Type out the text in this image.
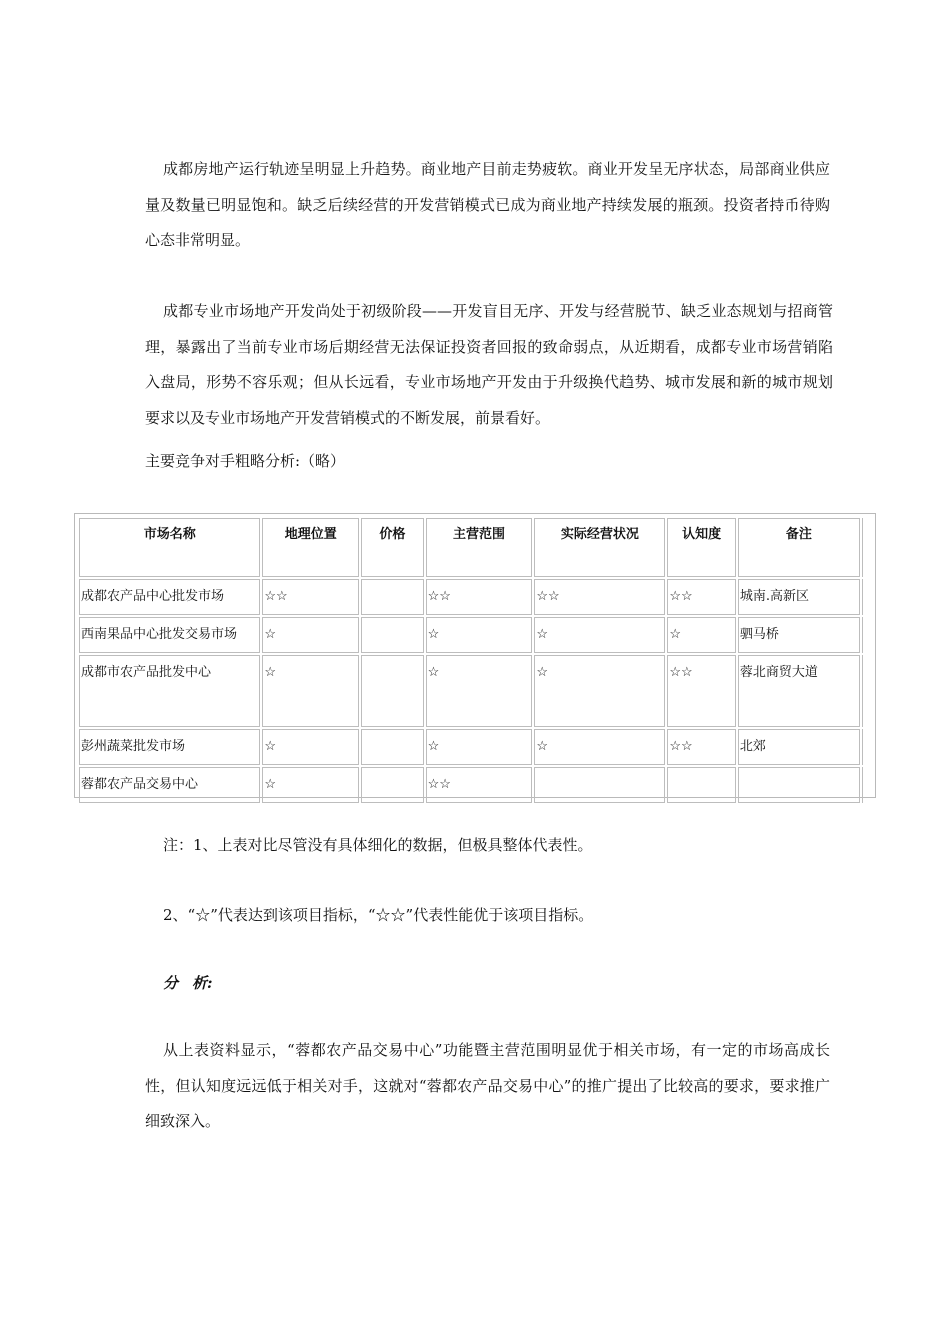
成都房地产运行轨迹呈明显上升趋势。商业地产目前走势疲软。商业开发呈无序状态，局部商业供应量及数量已明显饱和。缺乏后续经营的开发营销模式已成为商业地产持续发展的瓶颈。投资者持币待购心态非常明显。

成都专业市场地产开发尚处于初级阶段——开发盲目无序、开发与经营脱节、缺乏业态规划与招商管理，暴露出了当前专业市场后期经营无法保证投资者回报的致命弱点，从近期看，成都专业市场营销陷入盘局，形势不容乐观；但从长远看，专业市场地产开发由于升级换代趋势、城市发展和新的城市规划要求以及专业市场地产开发营销模式的不断发展，前景看好。

主要竞争对手粗略分析:（略）

市场名称	地理位置	价格	主营范围	实际经营状况	认知度	备注	
成都农产品中心批发市场	☆☆		☆☆	☆☆	☆☆	城南.高新区	
西南果品中心批发交易市场	☆		☆	☆	☆	驷马桥	
成都市农产品批发中心	☆		☆	☆	☆☆	蓉北商贸大道	
彭州蔬菜批发市场	☆		☆	☆	☆☆	北郊	
蓉都农产品交易中心	☆		☆☆				

注：1、上表对比尽管没有具体细化的数据，但极具整体代表性。

2、“☆”代表达到该项目指标，“☆☆”代表性能优于该项目指标。

分 析:

从上表资料显示，“蓉都农产品交易中心”功能暨主营范围明显优于相关市场，有一定的市场高成长性，但认知度远远低于相关对手，这就对“蓉都农产品交易中心”的推广提出了比较高的要求，要求推广细致深入。
